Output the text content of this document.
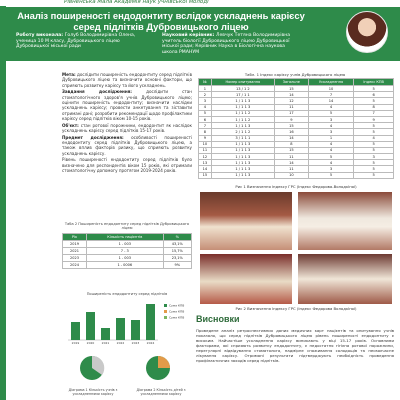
Рівненська Мала Академія наук учнівської молоді
Аналіз поширеності ендодонтиту вслідок ускладнень карієсу серед підлітків Дубровицького ліцею
Роботу виконала: Голуб Володимирівна Олена, ученица 10 М класу, Дубровицького ліцею Дубровицької міської ради
Науковий керівник: Левчук Тетяна Володимирівна учитель біології Дубровицького ліцею Дубровицької міської ради; Керівник Наука в Біологічна наукова школа РМАНУМ

Мета: дослідити поширеність ендодонтиту серед підлітків Дубровицького ліцею та визначити основні фактори, що сприяють розвитку карієсу та його ускладнень.

Завдання дослідження:	дослідити стан стоматологічного здоров'я учнів Дубровицького ліцею; оцінити поширеність ендодонтиту; визначити наслідки ускладнень карієсу; провести анкетування та зіставити отримані дані; розробити рекомендації щодо профілактики карієсу серед підлітків віком 10-15 років.

Об'єкт: стан ротової порожнини, ендодонтит як наслідок ускладнень карієсу серед підлітків 15-17 років.

Предмет дослідження: особливості поширеності ендодонтиту серед підлітків Дубровицького ліцею, а також вплив факторів ризику, що сприяють розвитку ускладнень карієсу.

Рівень поширеності ендодонтиту серед підлітків було визначено для респондентів віком 15 років, які отримали стоматологічну допомогу протягом 2019-2024 років.

Таба 2 Поширеність ендодонтиту серед підлітків Дубровицького ліцею
Рік	Кількість пацієнтів	%
2019	1 - 003	43,1%
2021	7 - 3	15,7%
2023	1 - 003	23,1%
2024	1 - 0006	9%
Поширеність ендодонтиту серед підлітків
2019 2020 2021 2022 2023 2024
Сума КПВ
Сума КПВ
Сума КПВ
Діаграма 1 Кількість учнів з ускладненнями карієсу
Діаграма 2 Кількість дітей з ускладненнями карієсу
Табл. 1 Індекс карієсу учнів Дубровицького ліцею
№	Номер опитування	Загальне	Ускладнення	Індекс КПВ
1	13 / 1 2	15	10	5
2	17 / 1 1	14	7	6
3	1 / 1 1 3	12	14	5
4	1 / 1 1 3	11	4	8
5	1 / 1 1 2	17	5	7
6	1 / 1 1 2	9	3	9
7	1 / 1 1 3	15	4	5
8	2 / 1 1 2	16	3	5
9	3 / 1 1 1	14	1	4
10	1 / 1 1 3	8	4	5
11	1 / 1 1 3	15	4	5
12	1 / 1 1 3	11	5	3
13	1 / 1 1 3	14	4	5
14	1 / 1 1 3	11	3	5
15	1 / 1 1 3	10	5	5
Рис 1 Визначення індексу ГРС (Індекс Федорова-Володкіної)
Рис 2 Визначення індексу ГРС (Індекс Федорова Володкіної)
Висновки
Проведене аналіз ретроспективних даних медичних карт пацієнтів та опитування учнів показало, що серед підлітків Дубровицького ліцею рівень поширеності ендодонтиту є високим. Найчастіше ускладнення карієсу виникають у віці 15-17 років. Основними факторами, які сприяють розвитку ендодонтиту, є недостатня гігієна ротової порожнини, нерегулярні відвідування стоматолога, надмірне споживання солодощів та несвоєчасне лікування карієсу. Отримані результати підтверджують необхідність проведення профілактичних заходів серед підлітків.
